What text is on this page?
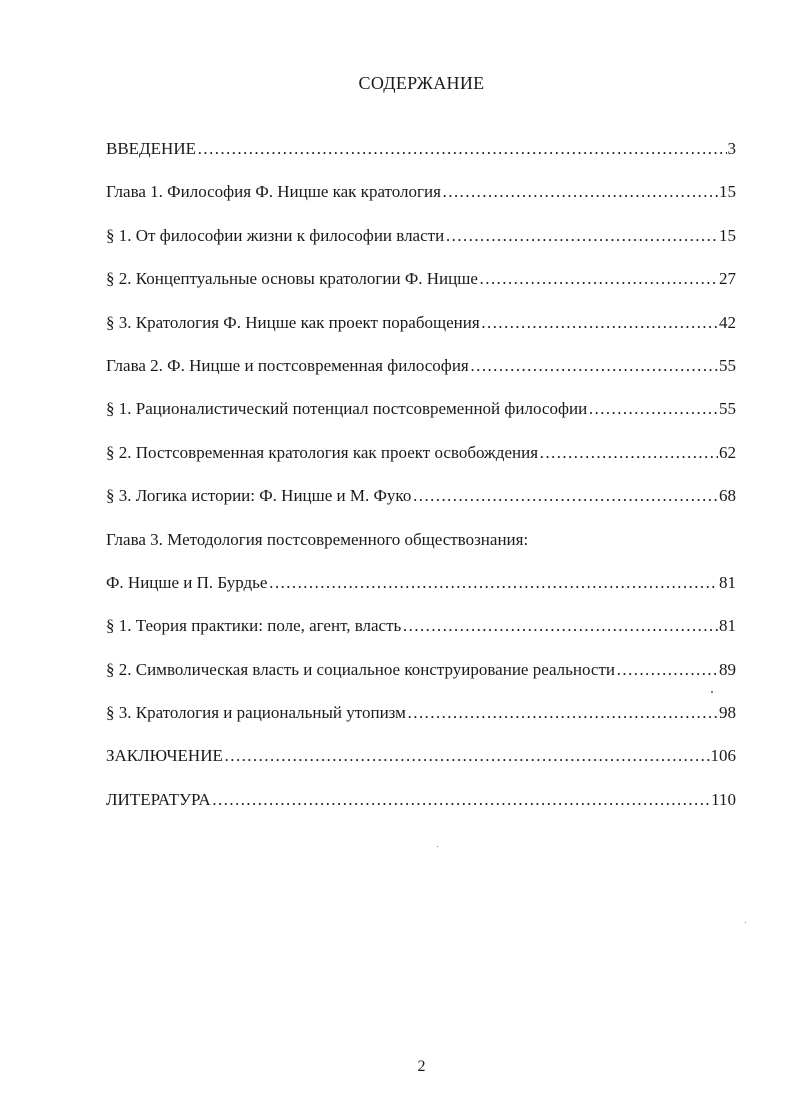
СОДЕРЖАНИЕ
ВВЕДЕНИЕ ……………………………………………………………………………………………………………………………………………………	3
Глава 1. Философия Ф. Ницше как кратология ……………………………………………………………………………………………………………………………………………………	15
§ 1. От философии жизни к философии власти ……………………………………………………………………………………………………………………………………………………	15
§ 2. Концептуальные основы кратологии Ф. Ницше ……………………………………………………………………………………………………………………………………………………	27
§ 3. Кратология Ф. Ницше как проект порабощения ……………………………………………………………………………………………………………………………………………………	42
Глава 2. Ф. Ницше и постсовременная философия ……………………………………………………………………………………………………………………………………………………	55
§ 1. Рационалистический потенциал постсовременной философии ……………………………………………………………………………………………………………………………………………………	55
§ 2. Постсовременная кратология как проект освобождения ……………………………………………………………………………………………………………………………………………………	62
§ 3. Логика истории: Ф. Ницше и М. Фуко ……………………………………………………………………………………………………………………………………………………	68
Глава 3. Методология постсовременного обществознания:
Ф. Ницше и П. Бурдье ……………………………………………………………………………………………………………………………………………………	81
§ 1. Теория практики: поле, агент, власть ……………………………………………………………………………………………………………………………………………………	81
§ 2. Символическая власть и социальное конструирование реальности ……………………………………………………………………………………………………………………………………………………	89
§ 3. Кратология и рациональный утопизм ……………………………………………………………………………………………………………………………………………………	98
ЗАКЛЮЧЕНИЕ ……………………………………………………………………………………………………………………………………………………	106
ЛИТЕРАТУРА ……………………………………………………………………………………………………………………………………………………	110
2
